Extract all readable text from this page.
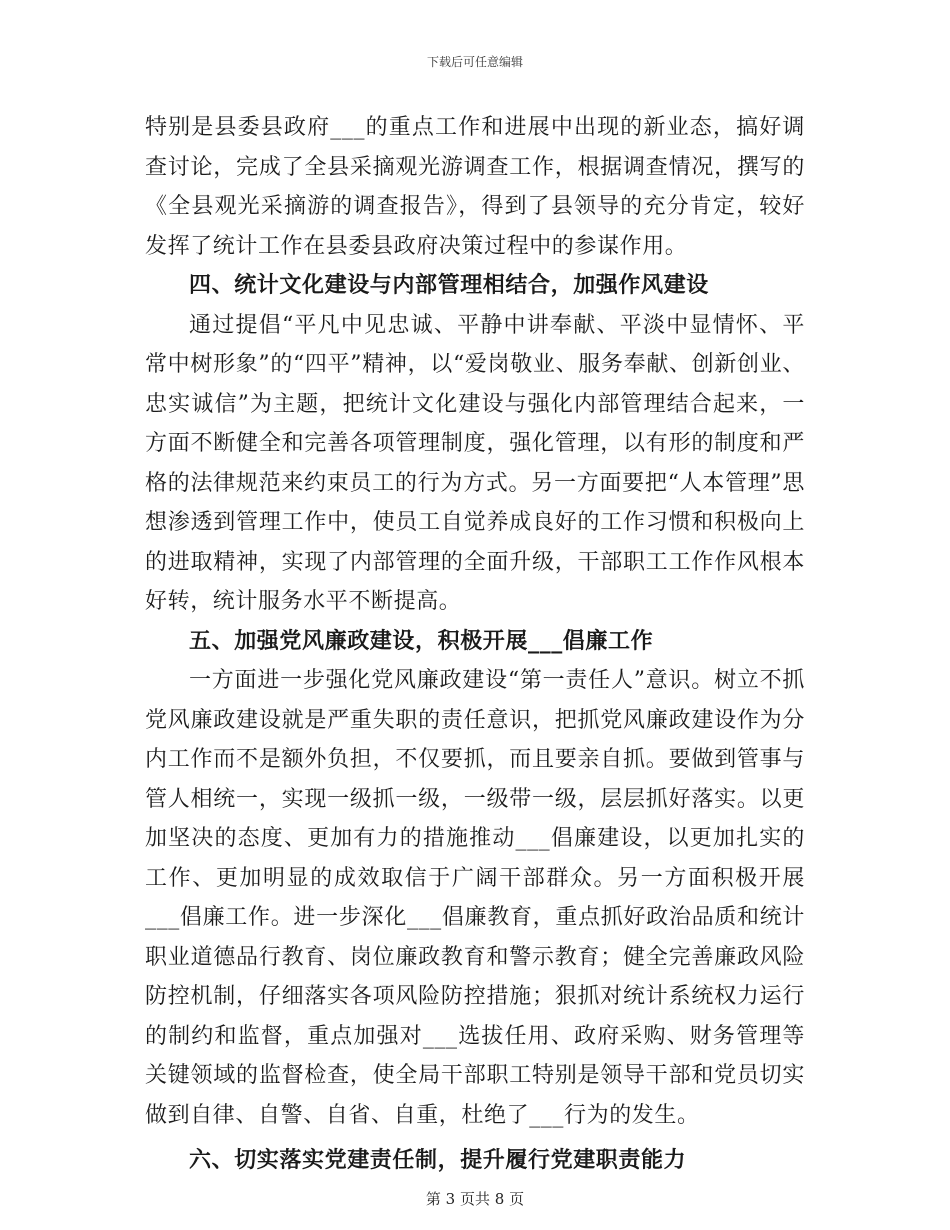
下载后可任意编辑

特别是县委县政府___的重点工作和进展中出现的新业态，搞好调查讨论，完成了全县采摘观光游调查工作，根据调查情况，撰写的《全县观光采摘游的调查报告》，得到了县领导的充分肯定，较好发挥了统计工作在县委县政府决策过程中的参谋作用。

四、统计文化建设与内部管理相结合，加强作风建设

通过提倡“平凡中见忠诚、平静中讲奉献、平淡中显情怀、平常中树形象”的“四平”精神，以“爱岗敬业、服务奉献、创新创业、忠实诚信”为主题，把统计文化建设与强化内部管理结合起来，一方面不断健全和完善各项管理制度，强化管理，以有形的制度和严格的法律规范来约束员工的行为方式。另一方面要把“人本管理”思想渗透到管理工作中，使员工自觉养成良好的工作习惯和积极向上的进取精神，实现了内部管理的全面升级，干部职工工作作风根本好转，统计服务水平不断提高。

五、加强党风廉政建设，积极开展___倡廉工作

一方面进一步强化党风廉政建设“第一责任人”意识。树立不抓党风廉政建设就是严重失职的责任意识，把抓党风廉政建设作为分内工作而不是额外负担，不仅要抓，而且要亲自抓。要做到管事与管人相统一，实现一级抓一级，一级带一级，层层抓好落实。以更加坚决的态度、更加有力的措施推动___倡廉建设，以更加扎实的工作、更加明显的成效取信于广阔干部群众。另一方面积极开展___倡廉工作。进一步深化___倡廉教育，重点抓好政治品质和统计职业道德品行教育、岗位廉政教育和警示教育；健全完善廉政风险防控机制，仔细落实各项风险防控措施；狠抓对统计系统权力运行的制约和监督，重点加强对___选拔任用、政府采购、财务管理等关键领域的监督检查，使全局干部职工特别是领导干部和党员切实做到自律、自警、自省、自重，杜绝了___行为的发生。

六、切实落实党建责任制，提升履行党建职责能力

第 3 页共 8 页
